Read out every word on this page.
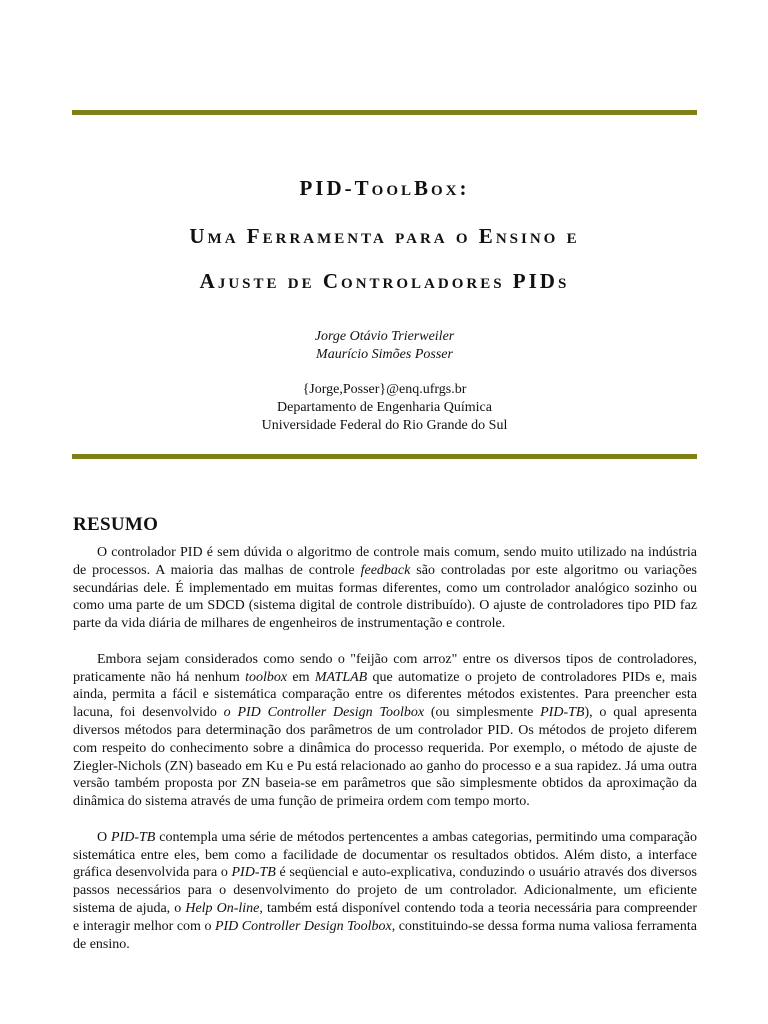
PID-ToolBox:
Uma Ferramenta para o Ensino e
Ajuste de Controladores PIDs
Jorge Otávio Trierweiler
Maurício Simões Posser
{Jorge,Posser}@enq.ufrgs.br
Departamento de Engenharia Química
Universidade Federal do Rio Grande do Sul
RESUMO

O controlador PID é sem dúvida o algoritmo de controle mais comum, sendo muito utilizado na indústria de processos. A maioria das malhas de controle feedback são controladas por este algoritmo ou variações secundárias dele. É implementado em muitas formas diferentes, como um controlador analógico sozinho ou como uma parte de um SDCD (sistema digital de controle distribuído). O ajuste de controladores tipo PID faz parte da vida diária de milhares de engenheiros de instrumentação e controle.

Embora sejam considerados como sendo o "feijão com arroz" entre os diversos tipos de controladores, praticamente não há nenhum toolbox em MATLAB que automatize o projeto de controladores PIDs e, mais ainda, permita a fácil e sistemática comparação entre os diferentes métodos existentes. Para preencher esta lacuna, foi desenvolvido o PID Controller Design Toolbox (ou simplesmente PID-TB), o qual apresenta diversos métodos para determinação dos parâmetros de um controlador PID. Os métodos de projeto diferem com respeito do conhecimento sobre a dinâmica do processo requerida. Por exemplo, o método de ajuste de Ziegler-Nichols (ZN) baseado em Ku e Pu está relacionado ao ganho do processo e a sua rapidez. Já uma outra versão também proposta por ZN baseia-se em parâmetros que são simplesmente obtidos da aproximação da dinâmica do sistema através de uma função de primeira ordem com tempo morto.

O PID-TB contempla uma série de métodos pertencentes a ambas categorias, permitindo uma comparação sistemática entre eles, bem como a facilidade de documentar os resultados obtidos. Além disto, a interface gráfica desenvolvida para o PID-TB é seqüencial e auto-explicativa, conduzindo o usuário através dos diversos passos necessários para o desenvolvimento do projeto de um controlador. Adicionalmente, um eficiente sistema de ajuda, o Help On-line, também está disponível contendo toda a teoria necessária para compreender e interagir melhor com o PID Controller Design Toolbox, constituindo-se dessa forma numa valiosa ferramenta de ensino.
